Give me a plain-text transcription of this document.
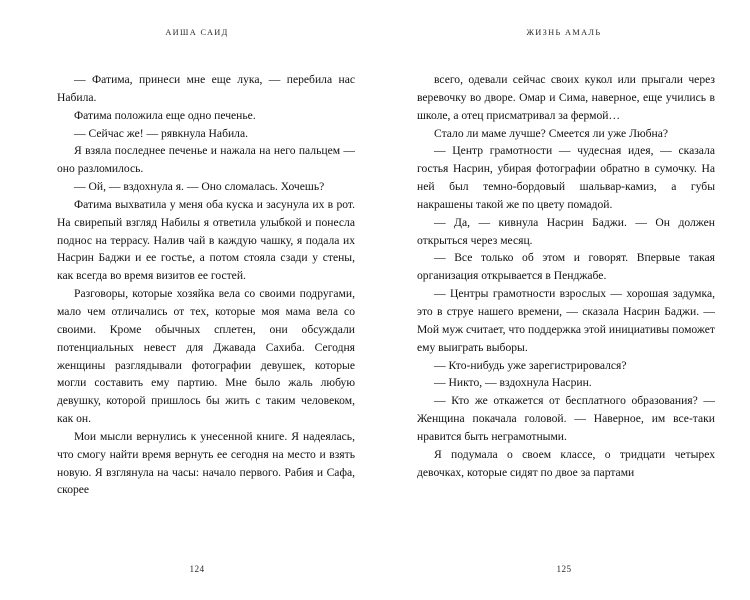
АИША САИД

— Фатима, принеси мне еще лука, — перебила нас Набила.

Фатима положила еще одно печенье.

— Сейчас же! — рявкнула Набила.

Я взяла последнее печенье и нажала на него пальцем — оно разломилось.

— Ой, — вздохнула я. — Оно сломалась. Хочешь?

Фатима выхватила у меня оба куска и засунула их в рот. На свирепый взгляд Набилы я ответила улыбкой и понесла поднос на террасу. Налив чай в каждую чашку, я подала их Насрин Баджи и ее гостье, а потом стояла сзади у стены, как всегда во время визитов ее гостей.

Разговоры, которые хозяйка вела со своими подругами, мало чем отличались от тех, которые моя мама вела со своими. Кроме обычных сплетен, они обсуждали потенциальных невест для Джавада Сахиба. Сегодня женщины разглядывали фотографии девушек, которые могли составить ему партию. Мне было жаль любую девушку, которой пришлось бы жить с таким человеком, как он.

Мои мысли вернулись к унесенной книге. Я надеялась, что смогу найти время вернуть ее сегодня на место и взять новую. Я взглянула на часы: начало первого. Рабия и Сафа, скорее

124
ЖИЗНЬ АМАЛЬ

всего, одевали сейчас своих кукол или прыгали через веревочку во дворе. Омар и Сима, наверное, еще учились в школе, а отец присматривал за фермой…

Стало ли маме лучше? Смеется ли уже Любна?

— Центр грамотности — чудесная идея, — сказала гостья Насрин, убирая фотографии обратно в сумочку. На ней был темно-бордовый шальвар-камиз, а губы накрашены такой же по цвету помадой.

— Да, — кивнула Насрин Баджи. — Он должен открыться через месяц.

— Все только об этом и говорят. Впервые такая организация открывается в Пенджабе.

— Центры грамотности взрослых — хорошая задумка, это в струе нашего времени, — сказала Насрин Баджи. — Мой муж считает, что поддержка этой инициативы поможет ему выиграть выборы.

— Кто-нибудь уже зарегистрировался?

— Никто, — вздохнула Насрин.

— Кто же откажется от бесплатного образования? — Женщина покачала головой. — Наверное, им все-таки нравится быть неграмотными.

Я подумала о своем классе, о тридцати четырех девочках, которые сидят по двое за партами

125
